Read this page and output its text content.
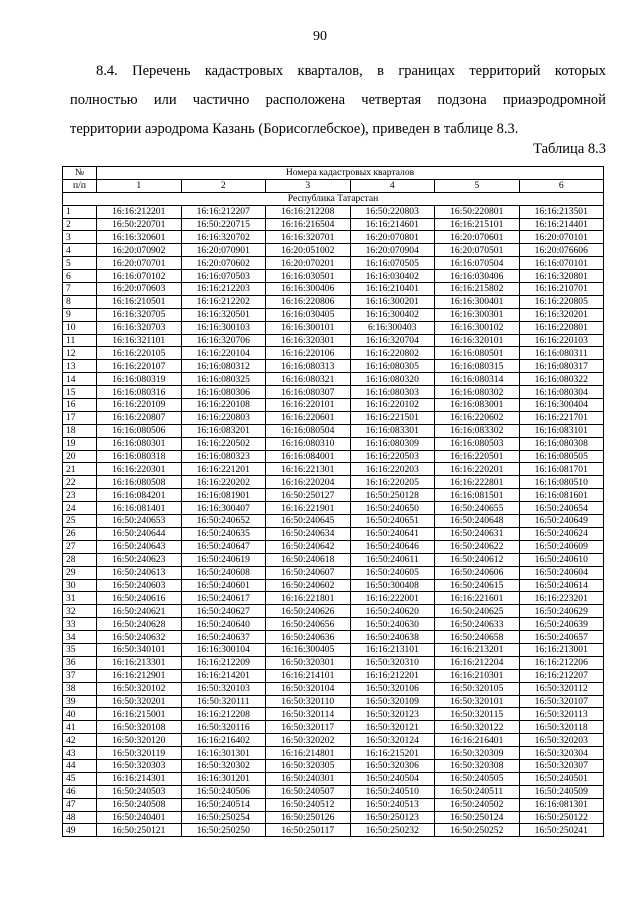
90
8.4. Перечень кадастровых кварталов, в границах территорий которых
полностью или частично расположена четвертая подзона приаэродромной
территории аэродрома Казань (Борисоглебское), приведен в таблице 8.3.
Таблица 8.3
№	Номера кадастровых кварталов					
п/п	1	2	3	4	5	6
Республика Татарстан						
1	16:16:212201	16:16:212207	16:16:212208	16:50:220803	16:50:220801	16:16:213501
2	16:50:220701	16:50:220715	16:16:216504	16:16:214601	16:16:215101	16:16:214401
3	16:16:320601	16:16:320702	16:16:320701	16:20:070801	16:20:070601	16:20:070101
4	16:20:070902	16:20:070901	16:20:051002	16:20:070904	16:20:070501	16:20:076606
5	16:20:070701	16:20:070602	16:20:070201	16:16:070505	16:16:070504	16:16:070101
6	16:16:070102	16:16:070503	16:16:030501	16:16:030402	16:16:030406	16:16:320801
7	16:20:070603	16:16:212203	16:16:300406	16:16:210401	16:16:215802	16:16:210701
8	16:16:210501	16:16:212202	16:16:220806	16:16:300201	16:16:300401	16:16:220805
9	16:16:320705	16:16:320501	16:16:030405	16:16:300402	16:16:300301	16:16:320201
10	16:16:320703	16:16:300103	16:16:300101	6:16:300403	16:16:300102	16:16:220801
11	16:16:321101	16:16:320706	16:16:320301	16:16:320704	16:16:320101	16:16:220103
12	16:16:220105	16:16:220104	16:16:220106	16:16:220802	16:16:080501	16:16:080311
13	16:16:220107	16:16:080312	16:16:080313	16:16:080305	16:16:080315	16:16:080317
14	16:16:080319	16:16:080325	16:16:080321	16:16:080320	16:16:080314	16:16:080322
15	16:16:080316	16:16:080306	16:16:080307	16:16:080303	16:16:080302	16:16:080304
16	16:16:220109	16:16:220108	16:16:220101	16:16:220102	16:16:083001	16:16:300404
17	16:16:220807	16:16:220803	16:16:220601	16:16:221501	16:16:220602	16:16:221701
18	16:16:080506	16:16:083201	16:16:080504	16:16:083301	16:16:083302	16:16:083101
19	16:16:080301	16:16:220502	16:16:080310	16:16:080309	16:16:080503	16:16:080308
20	16:16:080318	16:16:080323	16:16:084001	16:16:220503	16:16:220501	16:16:080505
21	16:16:220301	16:16:221201	16:16:221301	16:16:220203	16:16:220201	16:16:081701
22	16:16:080508	16:16:220202	16:16:220204	16:16:220205	16:16:222801	16:16:080510
23	16:16:084201	16:16:081901	16:50:250127	16:50:250128	16:16:081501	16:16:081601
24	16:16:081401	16:16:300407	16:16:221901	16:50:240650	16:50:240655	16:50:240654
25	16:50:240653	16:50:240652	16:50:240645	16:50:240651	16:50:240648	16:50:240649
26	16:50:240644	16:50:240635	16:50:240634	16:50:240641	16:50:240631	16:50:240624
27	16:50:240643	16:50:240647	16:50:240642	16:50:240646	16:50:240622	16:50:240609
28	16:50:240623	16:50:240619	16:50:240618	16:50:240611	16:50:240612	16:50:240610
29	16:50:240613	16:50:240608	16:50:240607	16:50:240605	16:50:240606	16:50:240604
30	16:50:240603	16:50:240601	16:50:240602	16:50:300408	16:50:240615	16:50:240614
31	16:50:240616	16:50:240617	16:16:221801	16:16:222001	16:16:221601	16:16:223201
32	16:50:240621	16:50:240627	16:50:240626	16:50:240620	16:50:240625	16:50:240629
33	16:50:240628	16:50:240640	16:50:240656	16:50:240630	16:50:240633	16:50:240639
34	16:50:240632	16:50:240637	16:50:240636	16:50:240638	16:50:240658	16:50:240657
35	16:50:340101	16:16:300104	16:16:300405	16:16:213101	16:16:213201	16:16:213001
36	16:16:213301	16:16:212209	16:50:320301	16:50:320310	16:16:212204	16:16:212206
37	16:16:212901	16:16:214201	16:16:214101	16:16:212201	16:16:210301	16:16:212207
38	16:50:320102	16:50:320103	16:50:320104	16:50:320106	16:50:320105	16:50:320112
39	16:50:320201	16:50:320111	16:50:320110	16:50:320109	16:50:320101	16:50:320107
40	16:16:215001	16:16:212208	16:50:320114	16:50:320123	16:50:320115	16:50:320113
41	16:50:320108	16:50:320116	16:50:320117	16:50:320121	16:50:320122	16:50:320118
42	16:50:320120	16:16:216402	16:50:320202	16:50:320124	16:16:216401	16:50:320203
43	16:50:320119	16:16:301301	16:16:214801	16:16:215201	16:50:320309	16:50:320304
44	16:50:320303	16:50:320302	16:50:320305	16:50:320306	16:50:320308	16:50:320307
45	16:16:214301	16:16:301201	16:50:240301	16:50:240504	16:50:240505	16:50:240501
46	16:50:240503	16:50:240506	16:50:240507	16:50:240510	16:50:240511	16:50:240509
47	16:50:240508	16:50:240514	16:50:240512	16:50:240513	16:50:240502	16:16:081301
48	16:50:240401	16:50:250254	16:50:250126	16:50:250123	16:50:250124	16:50:250122
49	16:50:250121	16:50:250250	16:50:250117	16:50:250232	16:50:250252	16:50:250241
